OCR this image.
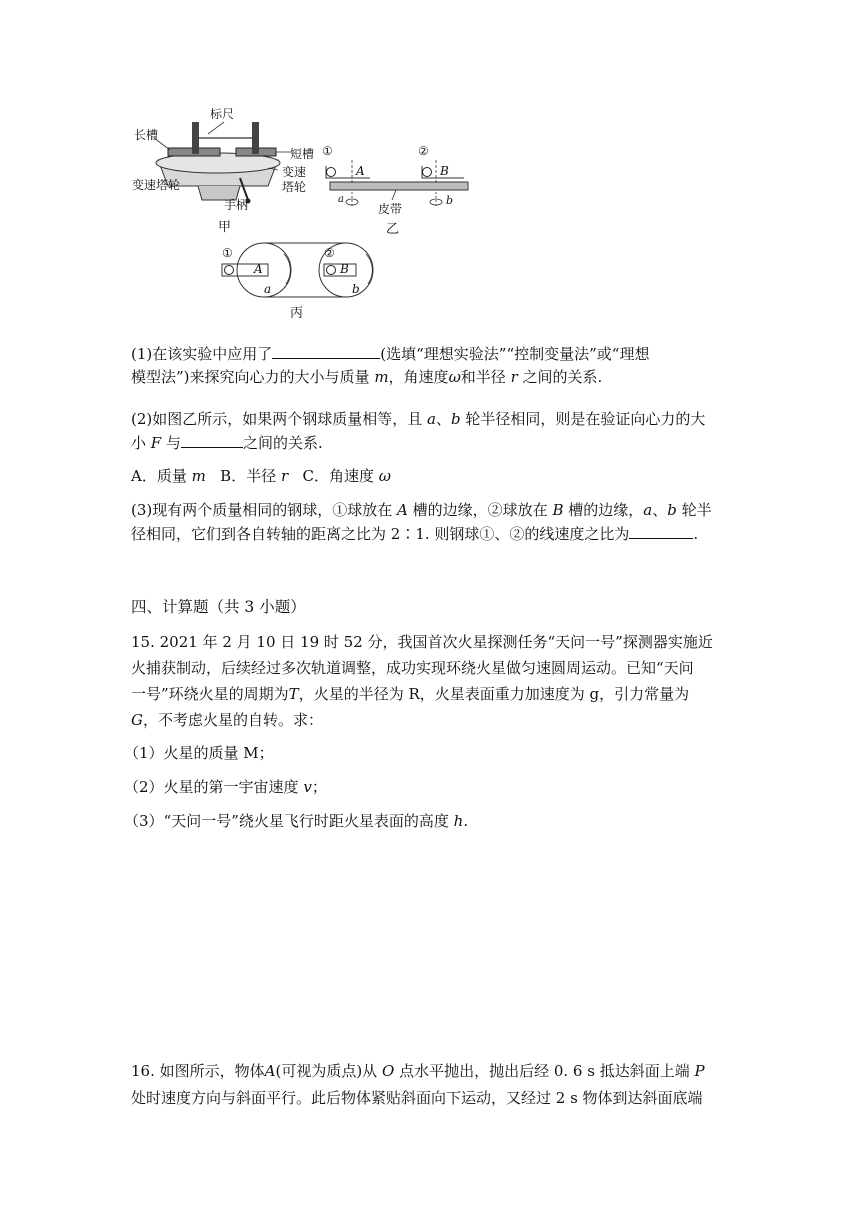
标尺
长槽
短槽
变速塔轮
变速
塔轮
手柄
甲
①
A
②
B
a	b
皮带
乙
①
A
②
B
a	b
丙
(1)在该实验中应用了	(选填“理想实验法”“控制变量法”或“理想
模型法”)来探究向心力的大小与质量 m，角速度ω和半径 r 之间的关系.
(2)如图乙所示，如果两个钢球质量相等，且 a、b 轮半径相同，则是在验证向心力的大
小 F 与	之间的关系.
A．质量 m B．半径 r C．角速度 ω
(3)现有两个质量相同的钢球，①球放在 A 槽的边缘，②球放在 B 槽的边缘，a、b 轮半
径相同，它们到各自转轴的距离之比为 2∶1. 则钢球①、②的线速度之比为	.
四、计算题（共 3 小题）
15. 2021 年 2 月 10 日 19 时 52 分，我国首次火星探测任务“天问一号”探测器实施近
火捕获制动，后续经过多次轨道调整，成功实现环绕火星做匀速圆周运动。已知“天问
一号”环绕火星的周期为T，火星的半径为 R，火星表面重力加速度为 g，引力常量为
G，不考虑火星的自转。求：
（1）火星的质量 M；
（2）火星的第一宇宙速度 v；
（3）“天问一号”绕火星飞行时距火星表面的高度 h.
16. 如图所示，物体A(可视为质点)从 O 点水平抛出，抛出后经 0. 6 s 抵达斜面上端 P
处时速度方向与斜面平行。此后物体紧贴斜面向下运动，又经过 2 s 物体到达斜面底端
